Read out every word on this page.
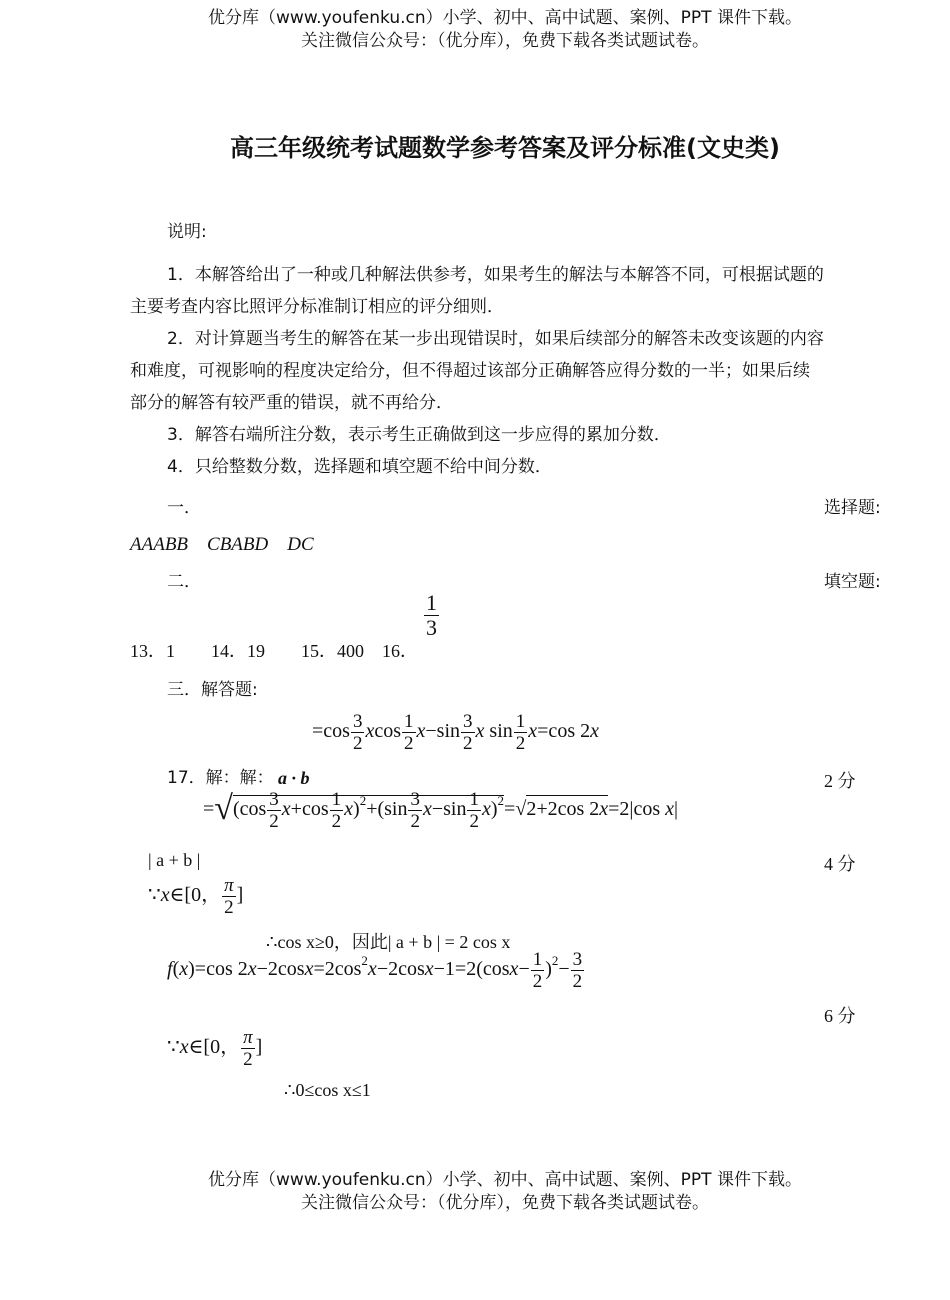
优分库（www.youfenku.cn）小学、初中、高中试题、案例、PPT 课件下载。
关注微信公众号：（优分库），免费下载各类试题试卷。
高三年级统考试题数学参考答案及评分标准(文史类)
说明:
1．本解答给出了一种或几种解法供参考，如果考生的解法与本解答不同，可根据试题的
主要考查内容比照评分标准制订相应的评分细则．
2．对计算题当考生的解答在某一步出现错误时，如果后续部分的解答未改变该题的内容
和难度，可视影响的程度决定给分，但不得超过该部分正确解答应得分数的一半；如果后续
部分的解答有较严重的错误，就不再给分．
3．解答右端所注分数，表示考生正确做到这一步应得的累加分数．
4．只给整数分数，选择题和填空题不给中间分数．
一．	选择题:
AAABB　CBABD　DC
二．	填空题:
$\frac{1}{3}$
13．1　　14．19　　15．400　16．
三．解答题:
$=\cos \frac{3}{2}$ xcos $\frac{1}{2} x-\sin \frac{3}{2}$ x $\sin \frac{1}{2} x=\cos$ 2x
17．解：解： a · b	2 分
$=√(\cos \frac{3}{2} x+\cos \frac{1}{2} x)^2+(\sin \frac{3}{2} x-\sin \frac{1}{2} x)^2=√2+2\cos$ 2x=2|cos x|
| a + b |	4 分
∵x∈[0， $\frac{\pi}{2}$ ]
∴cos x≥0，因此| a + b | = 2 cos x
f(x)=cos $2x-2\cos x=2\cos^2x-2\cos x-1=2(\cos x- \frac{1}{2} )^2- \frac{3}{2}$
6 分
∵x∈[0， $\frac{\pi}{2}$ ]
∴0≤cos x≤1
优分库（www.youfenku.cn）小学、初中、高中试题、案例、PPT 课件下载。
关注微信公众号：（优分库），免费下载各类试题试卷。
